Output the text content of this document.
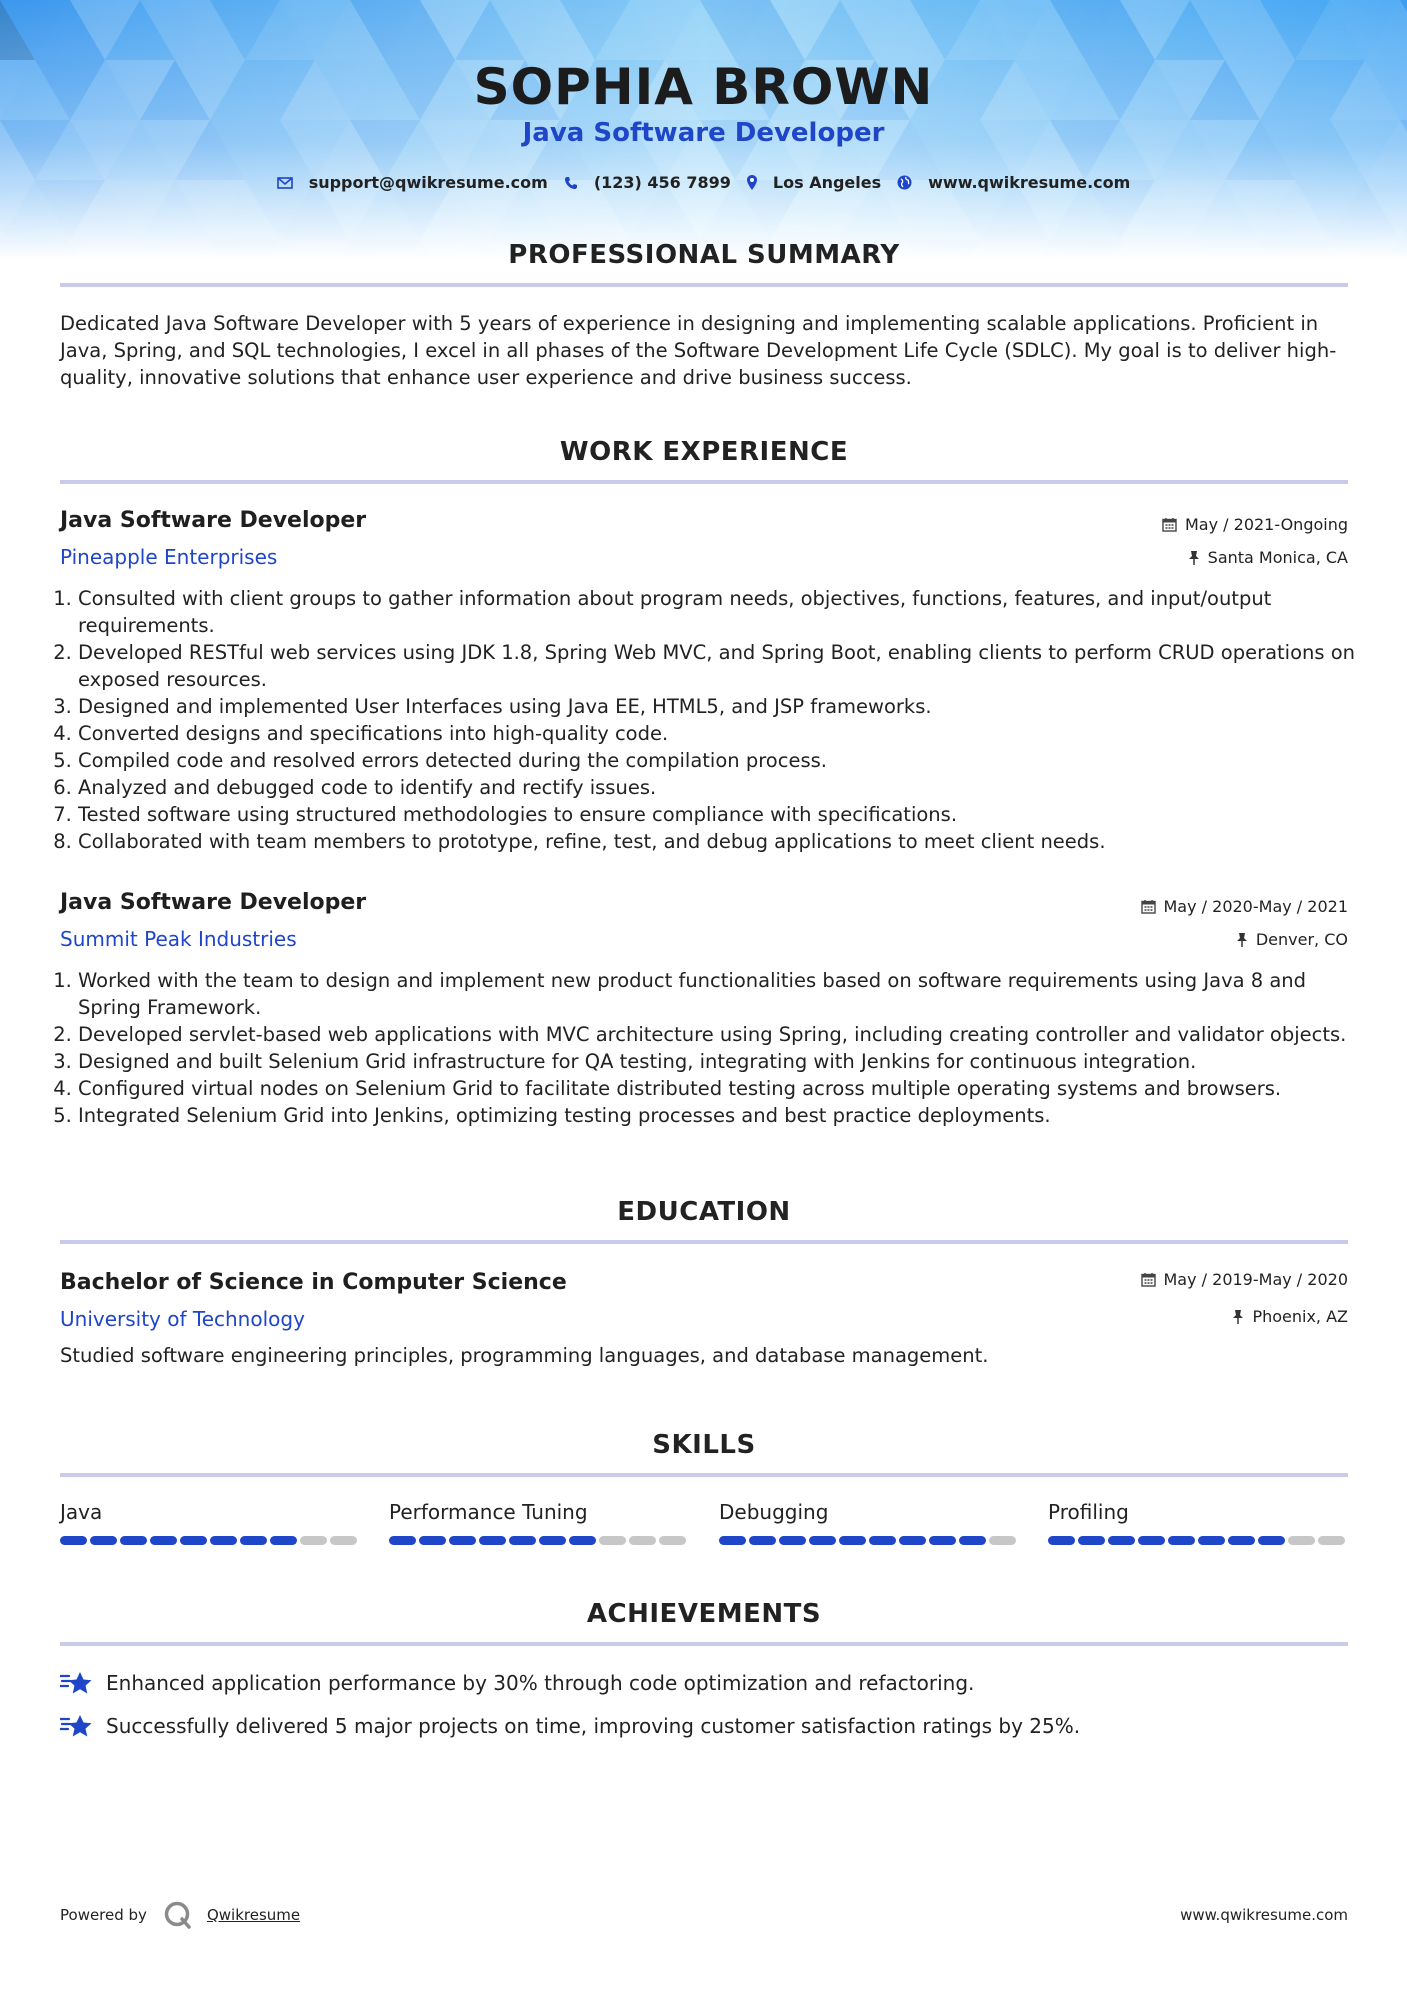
SOPHIA BROWN
Java Software Developer
support@qwikresume.com	(123) 456 7899	Los Angeles	www.qwikresume.com
PROFESSIONAL SUMMARY
Dedicated Java Software Developer with 5 years of experience in designing and implementing scalable applications. Proficient in Java, Spring, and SQL technologies, I excel in all phases of the Software Development Life Cycle (SDLC). My goal is to deliver high-quality, innovative solutions that enhance user experience and drive business success.
WORK EXPERIENCE
Java Software Developer
Pineapple Enterprises
May / 2021-Ongoing
Santa Monica, CA
1. Consulted with client groups to gather information about program needs, objectives, functions, features, and input/output requirements.
2. Developed RESTful web services using JDK 1.8, Spring Web MVC, and Spring Boot, enabling clients to perform CRUD operations on exposed resources.
3. Designed and implemented User Interfaces using Java EE, HTML5, and JSP frameworks.
4. Converted designs and specifications into high-quality code.
5. Compiled code and resolved errors detected during the compilation process.
6. Analyzed and debugged code to identify and rectify issues.
7. Tested software using structured methodologies to ensure compliance with specifications.
8. Collaborated with team members to prototype, refine, test, and debug applications to meet client needs.
Java Software Developer
Summit Peak Industries
May / 2020-May / 2021
Denver, CO
1. Worked with the team to design and implement new product functionalities based on software requirements using Java 8 and Spring Framework.
2. Developed servlet-based web applications with MVC architecture using Spring, including creating controller and validator objects.
3. Designed and built Selenium Grid infrastructure for QA testing, integrating with Jenkins for continuous integration.
4. Configured virtual nodes on Selenium Grid to facilitate distributed testing across multiple operating systems and browsers.
5. Integrated Selenium Grid into Jenkins, optimizing testing processes and best practice deployments.
EDUCATION
Bachelor of Science in Computer Science
University of Technology
May / 2019-May / 2020
Phoenix, AZ
Studied software engineering principles, programming languages, and database management.
SKILLS
Java	Performance Tuning	Debugging	Profiling
ACHIEVEMENTS
Enhanced application performance by 30% through code optimization and refactoring.
Successfully delivered 5 major projects on time, improving customer satisfaction ratings by 25%.
Powered by	Qwikresume	www.qwikresume.com
